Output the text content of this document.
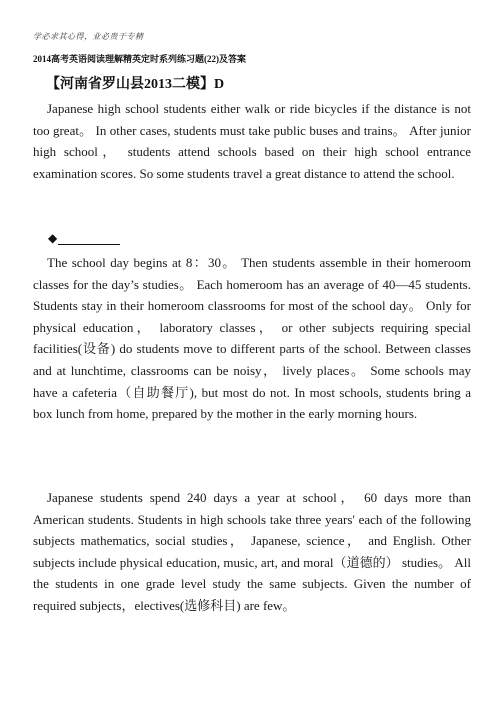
学必求其心得，业必贵于专精
2014高考英语阅读理解精英定时系列练习题(22)及答案
【河南省罗山县2013二模】D

Japanese high school students either walk or ride bicycles if the distance is not too great。 In other cases, students must take public buses and trains。 After junior high school， students attend schools based on their high school entrance examination scores. So some students travel a great distance to attend the school.

◆

The school day begins at 8：30。 Then students assemble in their homeroom classes for the day’s studies。 Each homeroom has an average of 40—45 students. Students stay in their homeroom classrooms for most of the school day。 Only for physical education， laboratory classes， or other subjects requiring special facilities(设备) do students move to different parts of the school. Between classes and at lunchtime, classrooms can be noisy， lively places。 Some schools may have a cafeteria（自助餐厅), but most do not. In most schools, students bring a box lunch from home, prepared by the mother in the early morning hours.

Japanese students spend 240 days a year at school， 60 days more than American students. Students in high schools take three years' each of the following subjects mathematics, social studies， Japanese, science， and English. Other subjects include physical education, music, art, and moral（道德的） studies。 All the students in one grade level study the same subjects. Given the number of required subjects，electives(选修科目) are few。
